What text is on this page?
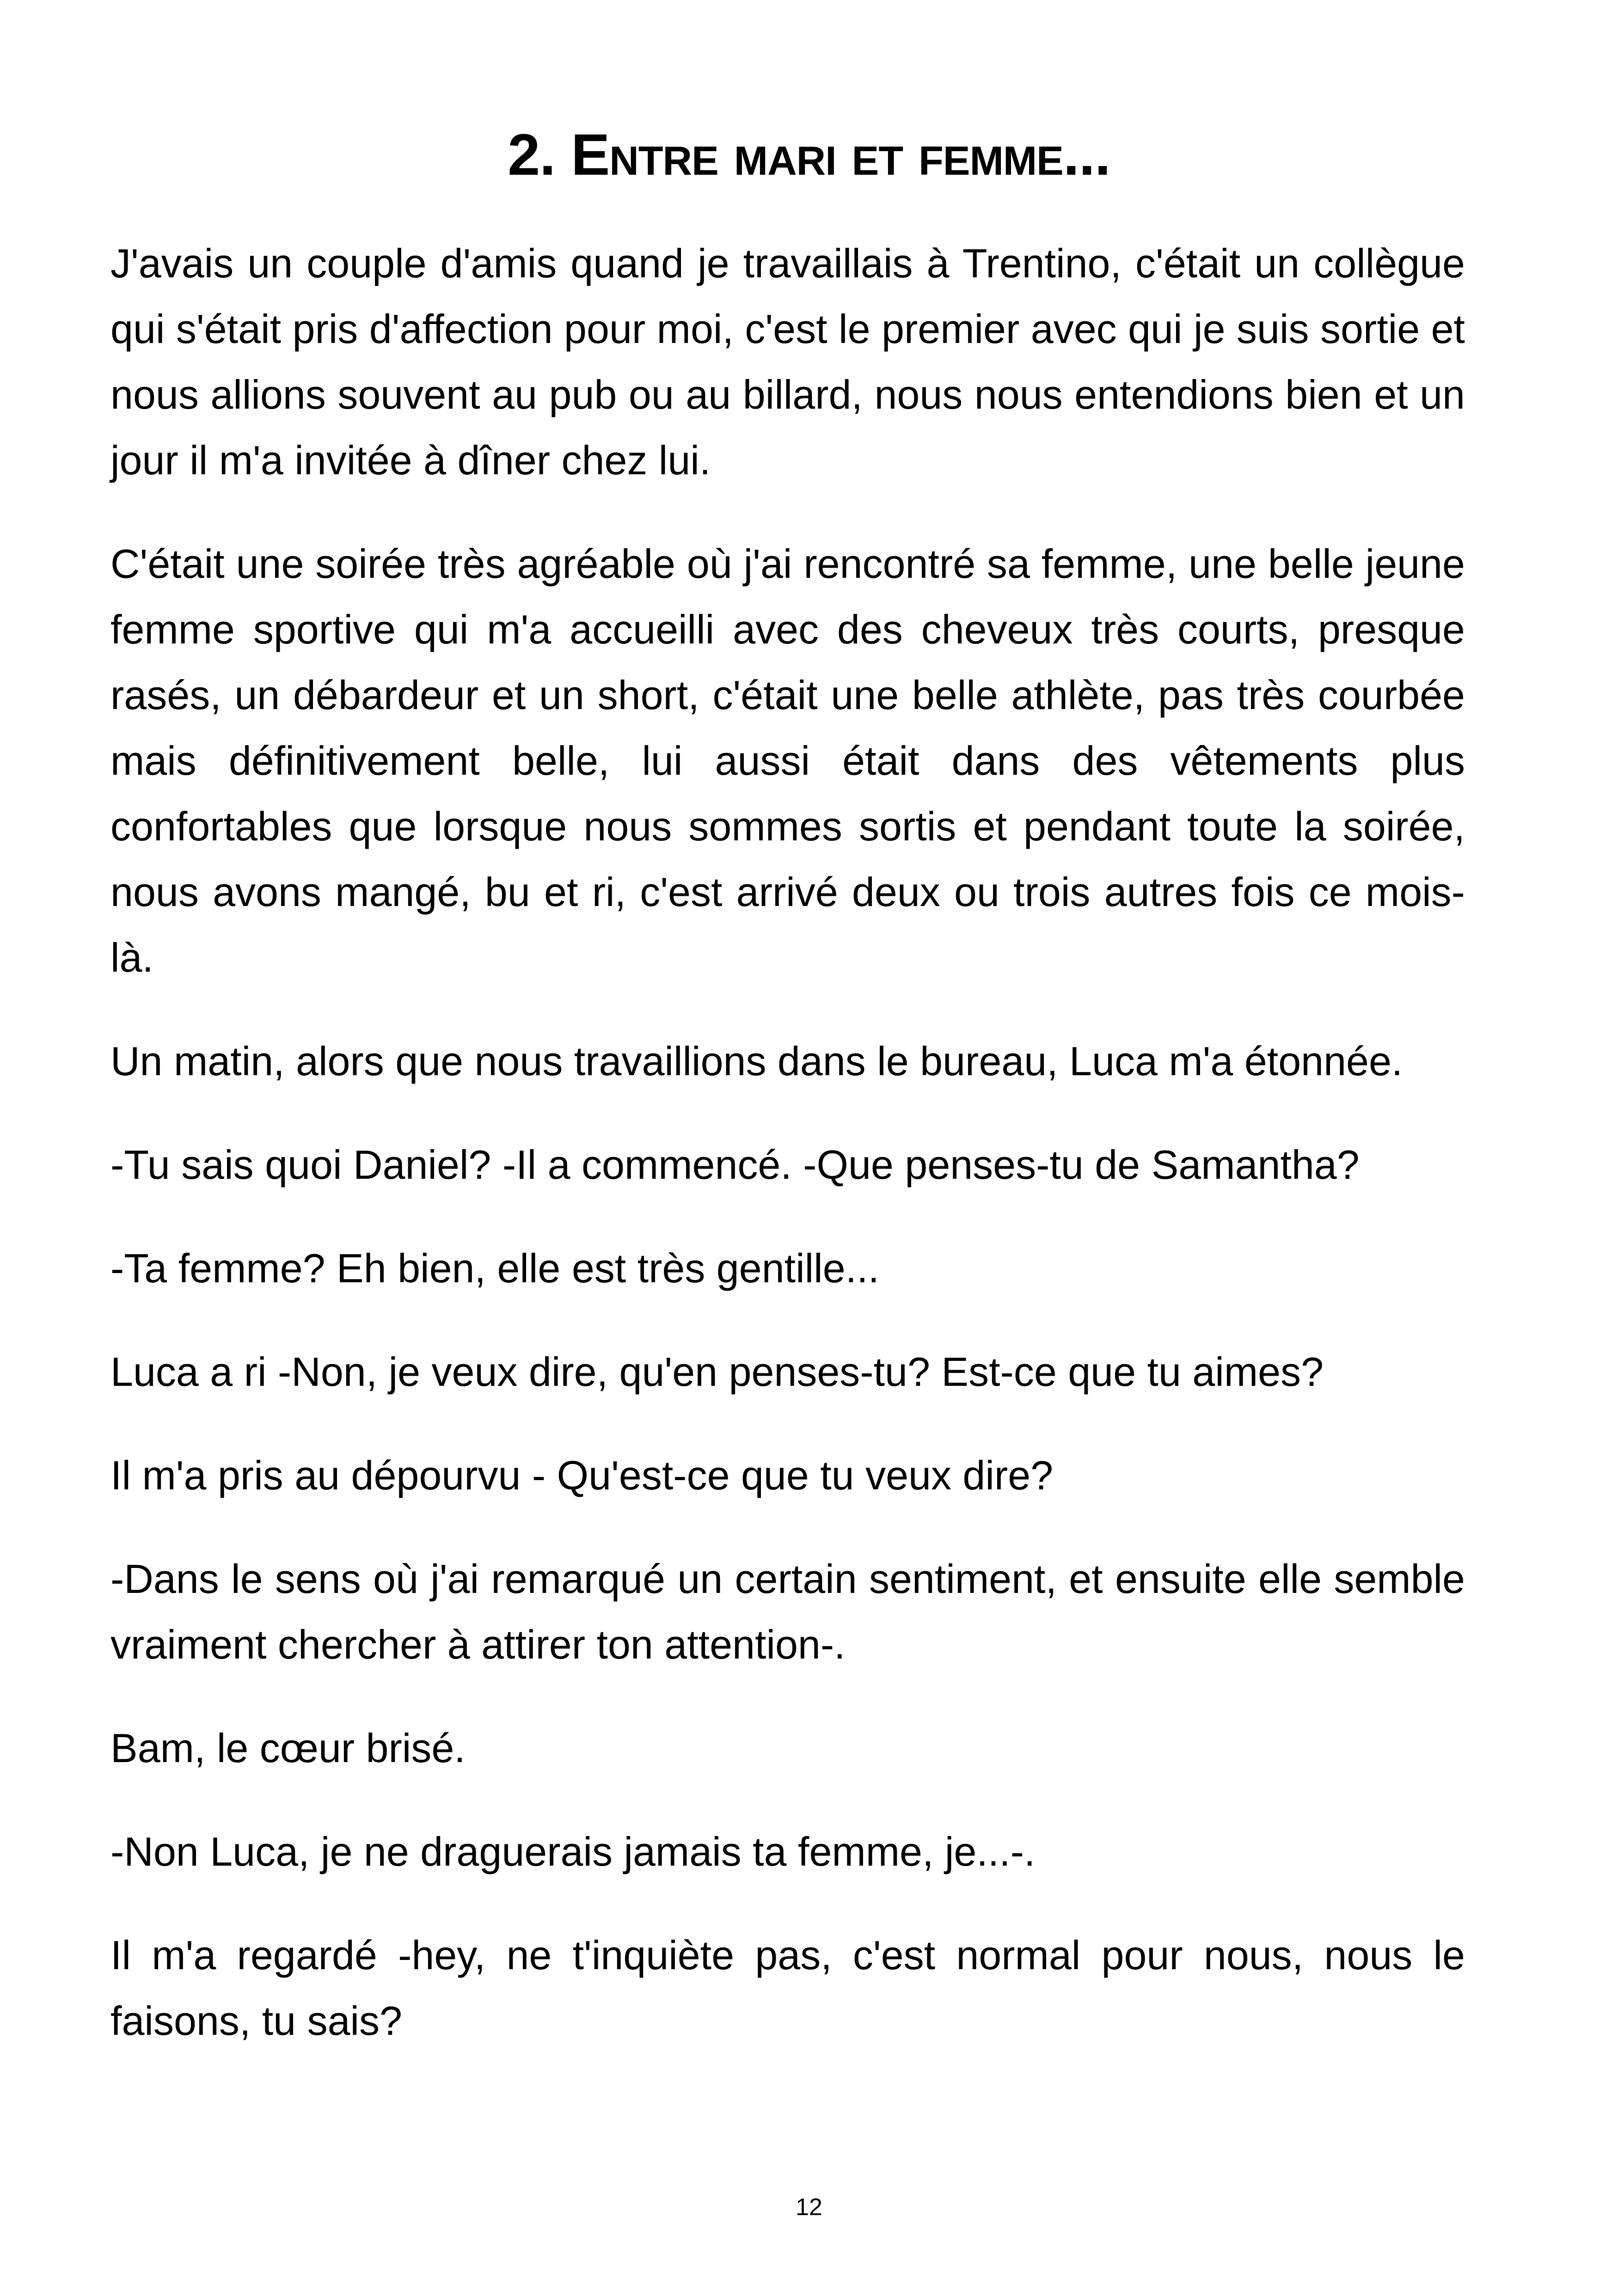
2. Entre mari et femme...

J'avais un couple d'amis quand je travaillais à Trentino, c'était un collègue qui s'était pris d'affection pour moi, c'est le premier avec qui je suis sortie et nous allions souvent au pub ou au billard, nous nous entendions bien et un jour il m'a invitée à dîner chez lui.

C'était une soirée très agréable où j'ai rencontré sa femme, une belle jeune femme sportive qui m'a accueilli avec des cheveux très courts, presque rasés, un débardeur et un short, c'était une belle athlète, pas très courbée mais définitivement belle, lui aussi était dans des vêtements plus confortables que lorsque nous sommes sortis et pendant toute la soirée, nous avons mangé, bu et ri, c'est arrivé deux ou trois autres fois ce mois-là.

Un matin, alors que nous travaillions dans le bureau, Luca m'a étonnée.

-Tu sais quoi Daniel? -Il a commencé. -Que penses-tu de Samantha?

-Ta femme? Eh bien, elle est très gentille...

Luca a ri -Non, je veux dire, qu'en penses-tu? Est-ce que tu aimes?

Il m'a pris au dépourvu - Qu'est-ce que tu veux dire?

-Dans le sens où j'ai remarqué un certain sentiment, et ensuite elle semble vraiment chercher à attirer ton attention-.

Bam, le cœur brisé.

-Non Luca, je ne draguerais jamais ta femme, je...-.

Il m'a regardé -hey, ne t'inquiète pas, c'est normal pour nous, nous le faisons, tu sais?

12
